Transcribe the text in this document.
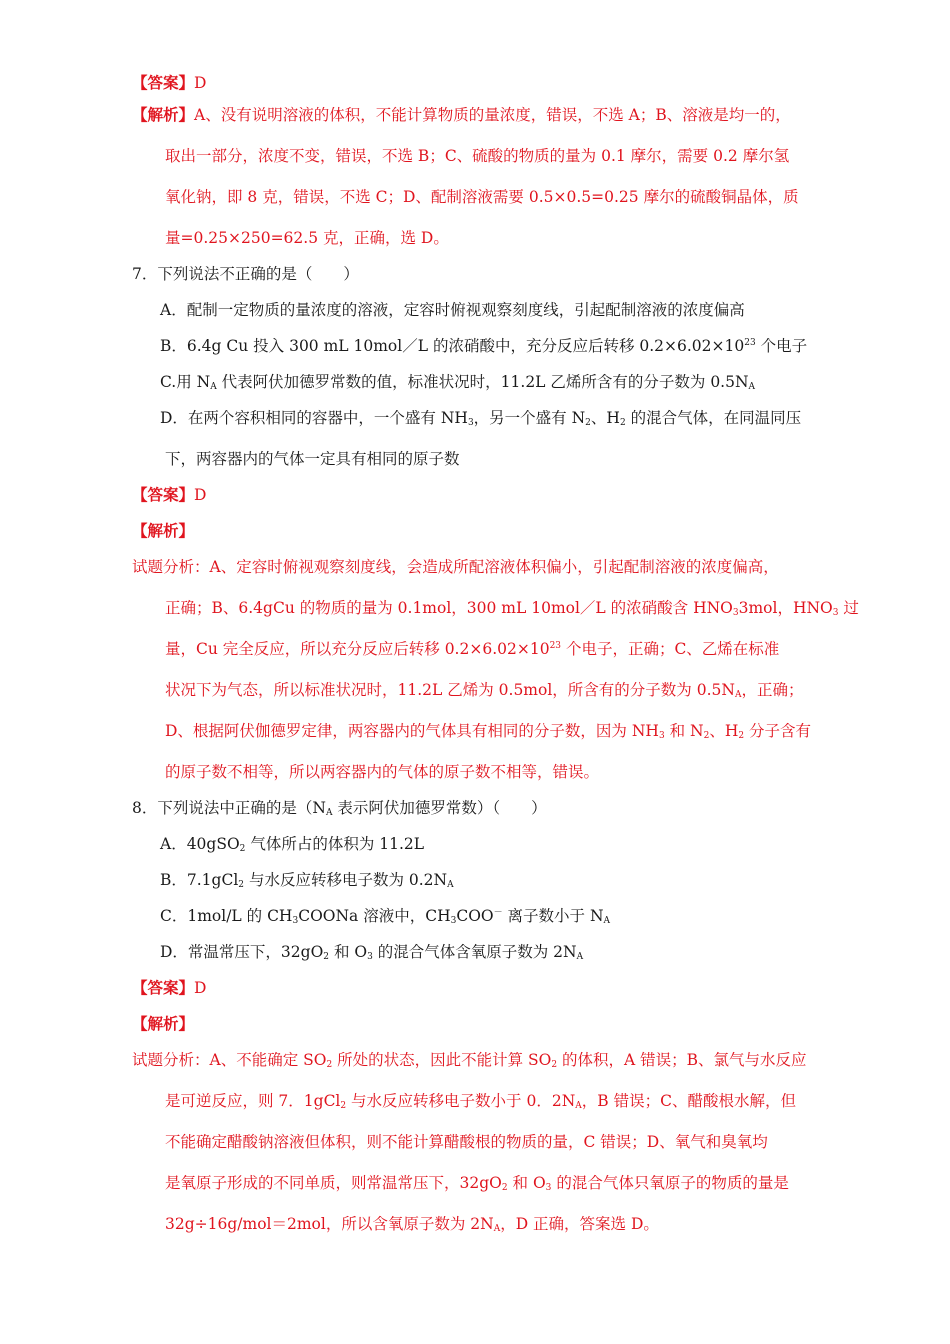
【答案】D
【解析】A、没有说明溶液的体积，不能计算物质的量浓度，错误，不选 A；B、溶液是均一的，
取出一部分，浓度不变，错误，不选 B；C、硫酸的物质的量为 0.1 摩尔，需要 0.2 摩尔氢
氧化钠，即 8 克，错误，不选 C；D、配制溶液需要 0.5×0.5=0.25 摩尔的硫酸铜晶体，质
量=0.25×250=62.5 克，正确，选 D。
7．下列说法不正确的是（　　）
A．配制一定物质的量浓度的溶液，定容时俯视观察刻度线，引起配制溶液的浓度偏高
B．6.4g Cu 投入 300 mL 10mol／L 的浓硝酸中，充分反应后转移 $0.2\times 6.02\times 10^{23}$ 个电子
C.用 $N_A$ 代表阿伏加德罗常数的值，标准状况时，11.2L 乙烯所含有的分子数为 $0.5N_A$
D．在两个容积相同的容器中，一个盛有 $NH_3$，另一个盛有 $N_2$、$H_2$ 的混合气体，在同温同压
下，两容器内的气体一定具有相同的原子数
【答案】D
【解析】
试题分析：A、定容时俯视观察刻度线，会造成所配溶液体积偏小，引起配制溶液的浓度偏高，
正确；B、6.4gCu 的物质的量为 0.1mol，300 mL 10mol／L 的浓硝酸含 $HNO_33mol$，$HNO_3$ 过
量，Cu 完全反应，所以充分反应后转移 $0.2\times 6.02\times 10^{23}$ 个电子，正确；C、乙烯在标准
状况下为气态，所以标准状况时，11.2L 乙烯为 0.5mol，所含有的分子数为 $0.5N_A$，正确；
D、根据阿伏伽德罗定律，两容器内的气体具有相同的分子数，因为 $NH_3$ 和 $N_2$、$H_2$ 分子含有
的原子数不相等，所以两容器内的气体的原子数不相等，错误。
8．下列说法中正确的是（$N_A$ 表示阿伏加德罗常数）（　　）
A．40gSO$_2$ 气体所占的体积为 11.2L
B．7.1gCl$_2$ 与水反应转移电子数为 $0.2N_A$
C．1mol/L 的 $CH_3COONa$ 溶液中，$CH_3COO^-$ 离子数小于 $N_A$
D．常温常压下，$32gO_2$ 和 $O_3$ 的混合气体含氧原子数为 $2N_A$
【答案】D
【解析】
试题分析：A、不能确定 $SO_2$ 所处的状态，因此不能计算 $SO_2$ 的体积，A 错误；B、氯气与水反应
是可逆反应，则 7．1gCl$_2$ 与水反应转移电子数小于 0．$2N_A$，B 错误；C、醋酸根水解，但
不能确定醋酸钠溶液但体积，则不能计算醋酸根的物质的量，C 错误；D、氧气和臭氧均
是氧原子形成的不同单质，则常温常压下，$32gO_2$ 和 $O_3$ 的混合气体只氧原子的物质的量是
32g÷16g/mol＝2mol，所以含氧原子数为 $2N_A$，D 正确，答案选 D。
